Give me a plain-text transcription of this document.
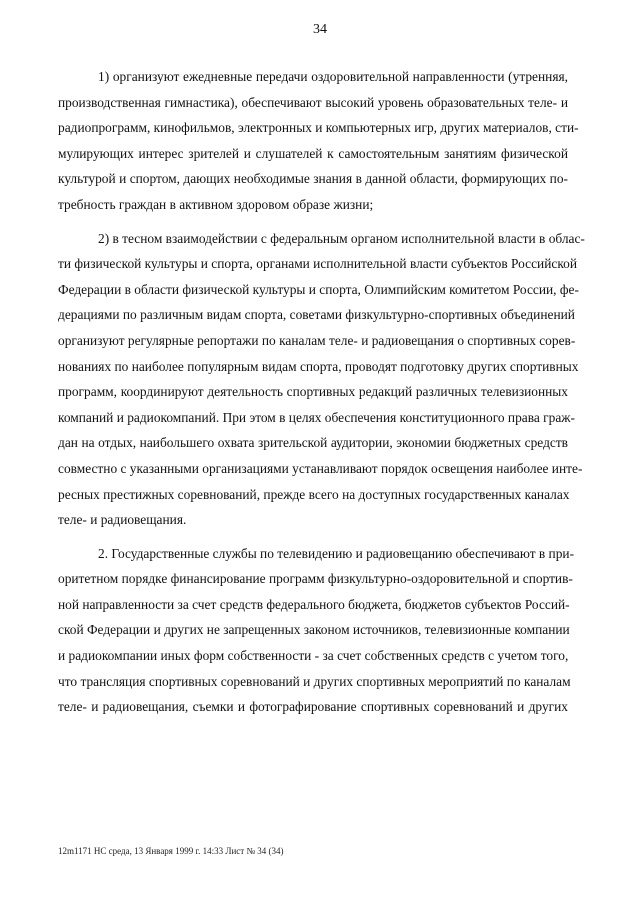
34
1) организуют ежедневные передачи оздоровительной направленности (утренняя,
производственная гимнастика), обеспечивают высокий уровень образовательных теле- и
радиопрограмм, кинофильмов, электронных и компьютерных игр, других материалов, сти-
мулирующих интерес зрителей и слушателей к самостоятельным занятиям физической
культурой и спортом, дающих необходимые знания в данной области, формирующих по-
требность граждан в активном здоровом образе жизни;
2) в тесном взаимодействии с федеральным органом исполнительной власти в облас-
ти физической культуры и спорта, органами исполнительной власти субъектов Российской
Федерации в области физической культуры и спорта, Олимпийским комитетом России, фе-
дерациями по различным видам спорта, советами физкультурно-спортивных объединений
организуют регулярные репортажи по каналам теле- и радиовещания о спортивных сорев-
нованиях по наиболее популярным видам спорта, проводят подготовку других спортивных
программ, координируют деятельность спортивных редакций различных телевизионных
компаний и радиокомпаний. При этом в целях обеспечения конституционного права граж-
дан на отдых, наибольшего охвата зрительской аудитории, экономии бюджетных средств
совместно с указанными организациями устанавливают порядок освещения наиболее инте-
ресных престижных соревнований, прежде всего на доступных государственных каналах
теле- и радиовещания.
2. Государственные службы по телевидению и радиовещанию обеспечивают в при-
оритетном порядке финансирование программ физкультурно-оздоровительной и спортив-
ной направленности за счет средств федерального бюджета, бюджетов субъектов Россий-
ской Федерации и других не запрещенных законом источников, телевизионные компании
и радиокомпании иных форм собственности - за счет собственных средств с учетом того,
что трансляция спортивных соревнований и других спортивных мероприятий по каналам
теле- и радиовещания, съемки и фотографирование спортивных соревнований и других
12m1171 НС среда, 13 Января 1999 г. 14:33 Лист № 34 (34)
